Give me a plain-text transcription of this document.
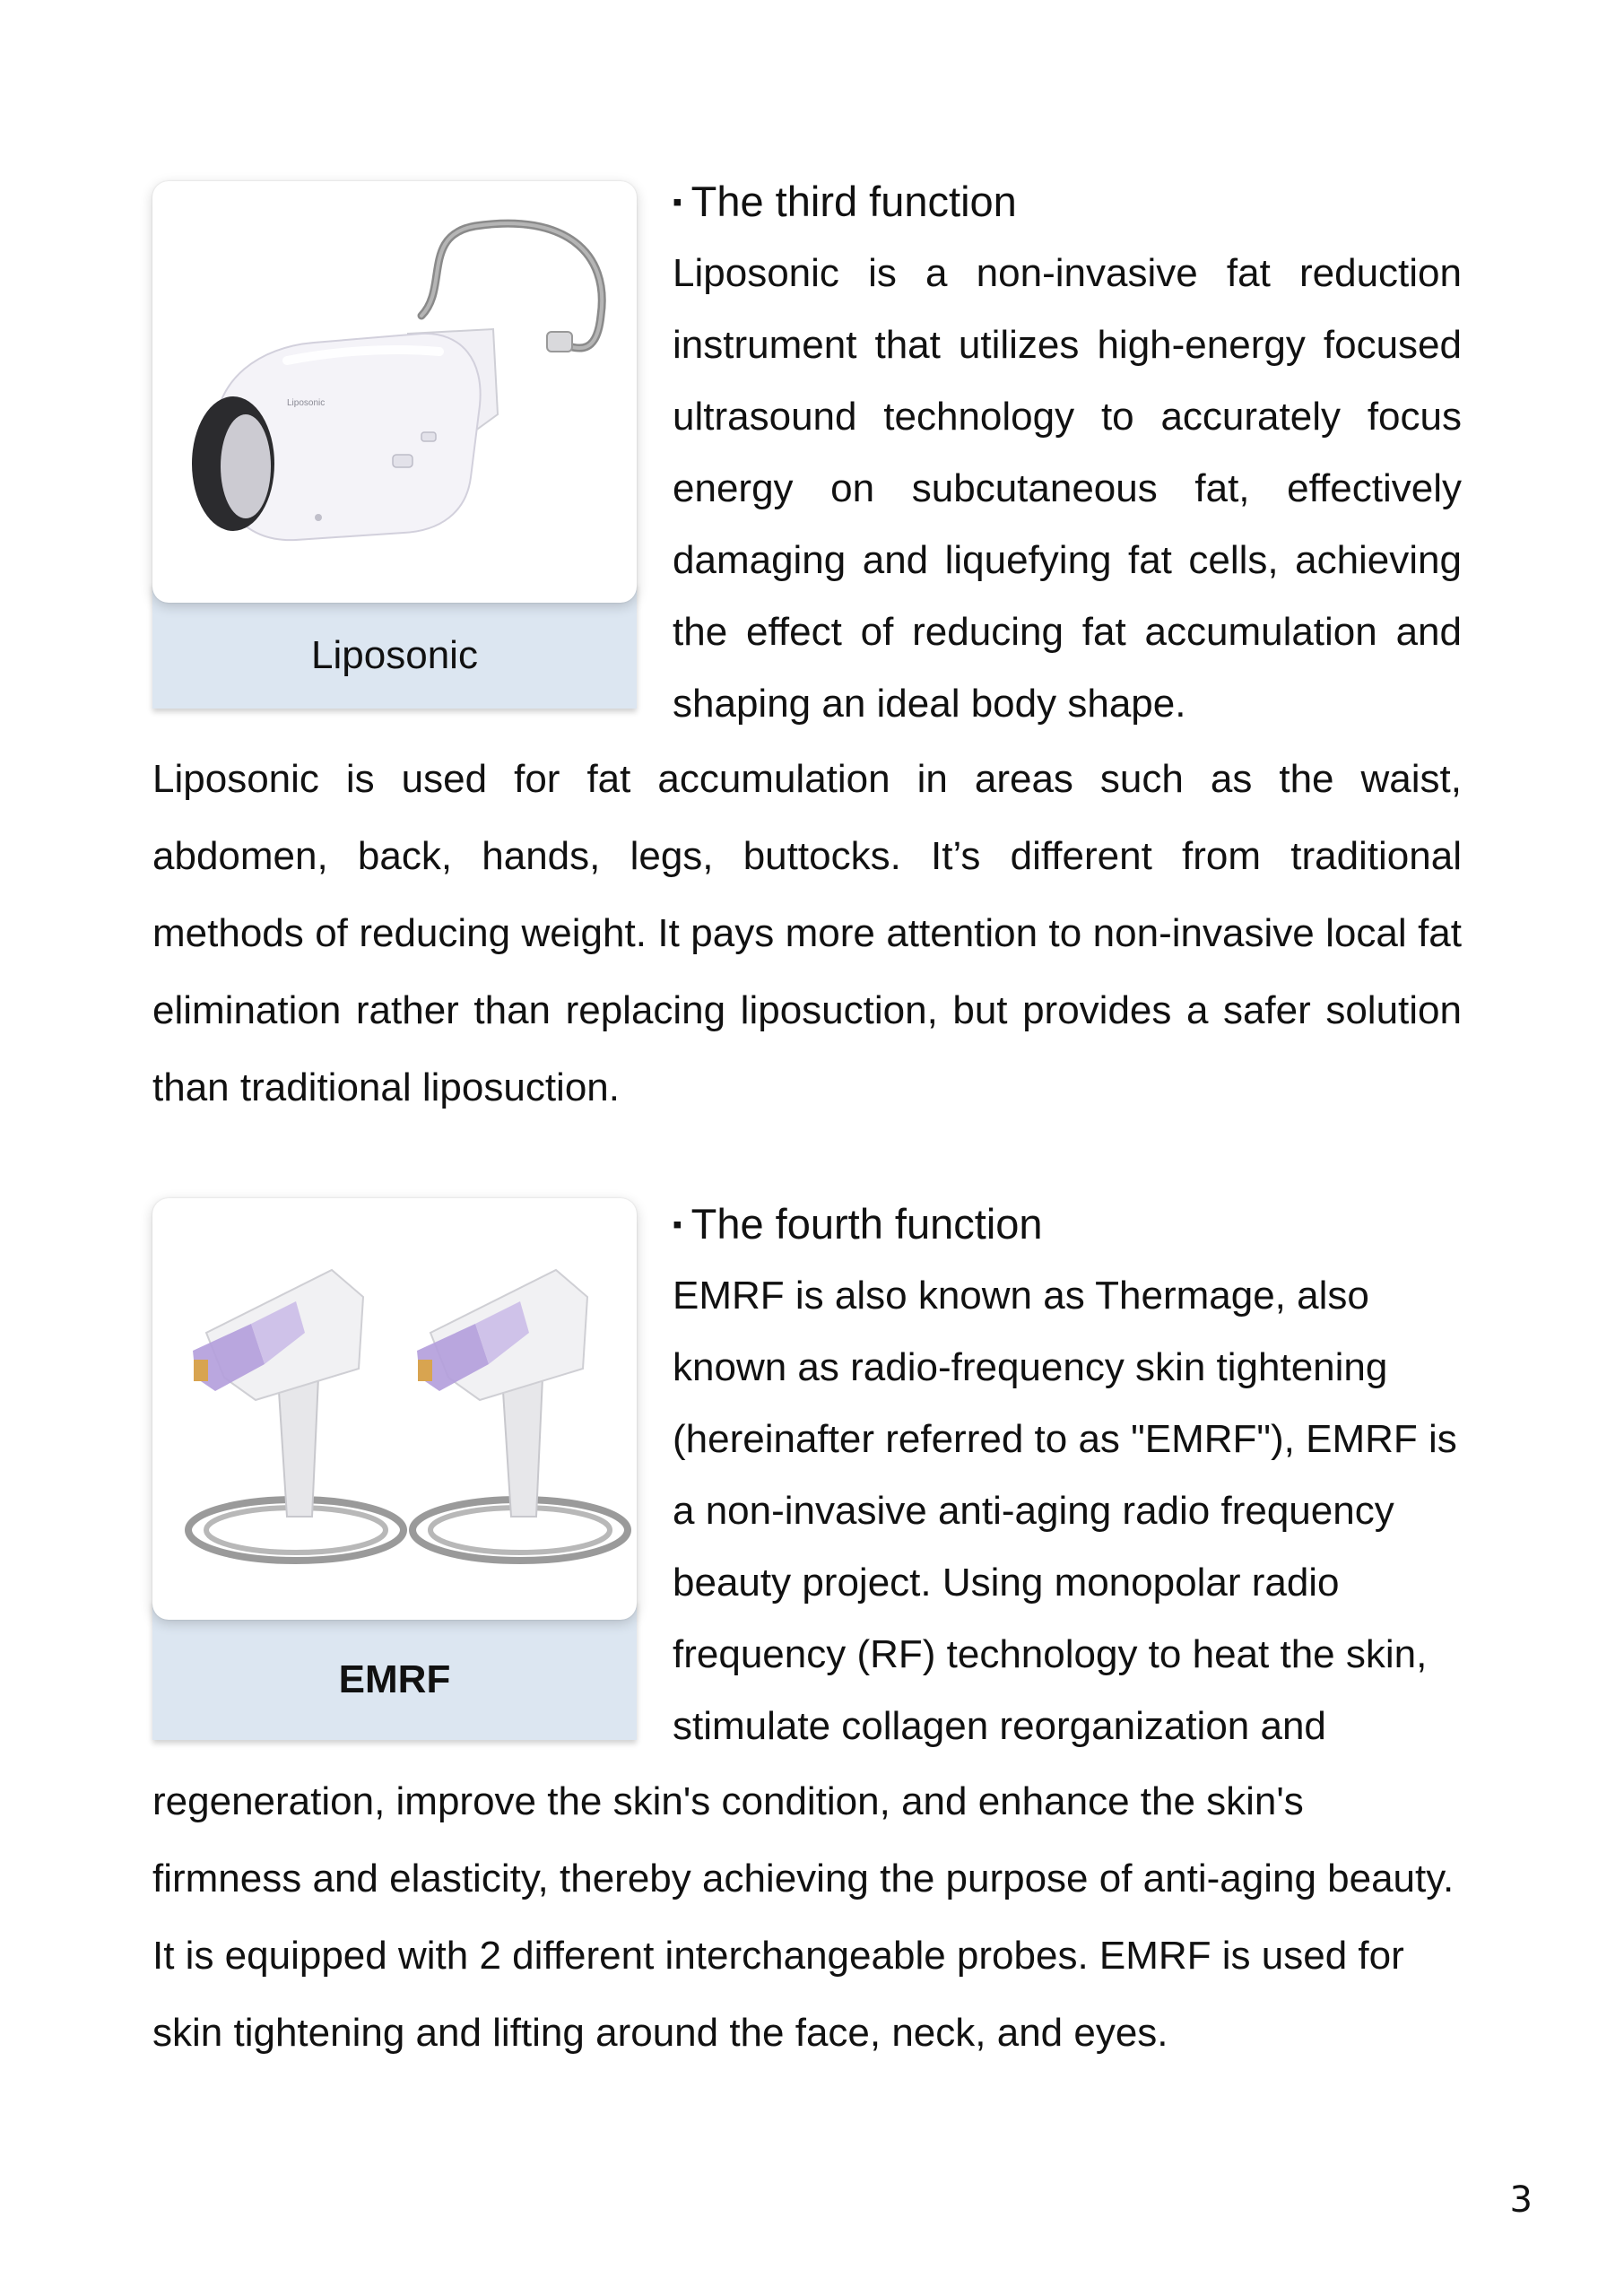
Liposonic
Liposonic
▪ The third function
Liposonic is a non-invasive fat reduction instrument that utilizes high-energy focused ultrasound technology to accurately focus energy on subcutaneous fat, effectively damaging and liquefying fat cells, achieving the effect of reducing fat accumulation and shaping an ideal body shape.
Liposonic is used for fat accumulation in areas such as the waist, abdomen, back, hands, legs, buttocks. It’s different from traditional methods of reducing weight. It pays more attention to non-invasive local fat elimination rather than replacing liposuction, but provides a safer solution than traditional liposuction.
EMRF
▪ The fourth function
EMRF is also known as Thermage, also known as radio-frequency skin tightening (hereinafter referred to as "EMRF"), EMRF is a non-invasive anti-aging radio frequency beauty project. Using monopolar radio frequency (RF) technology to heat the skin, stimulate collagen reorganization and

regeneration, improve the skin's condition, and enhance the skin's firmness and elasticity, thereby achieving the purpose of anti-aging beauty.

It is equipped with 2 different interchangeable probes. EMRF is used for skin tightening and lifting around the face, neck, and eyes.

3
